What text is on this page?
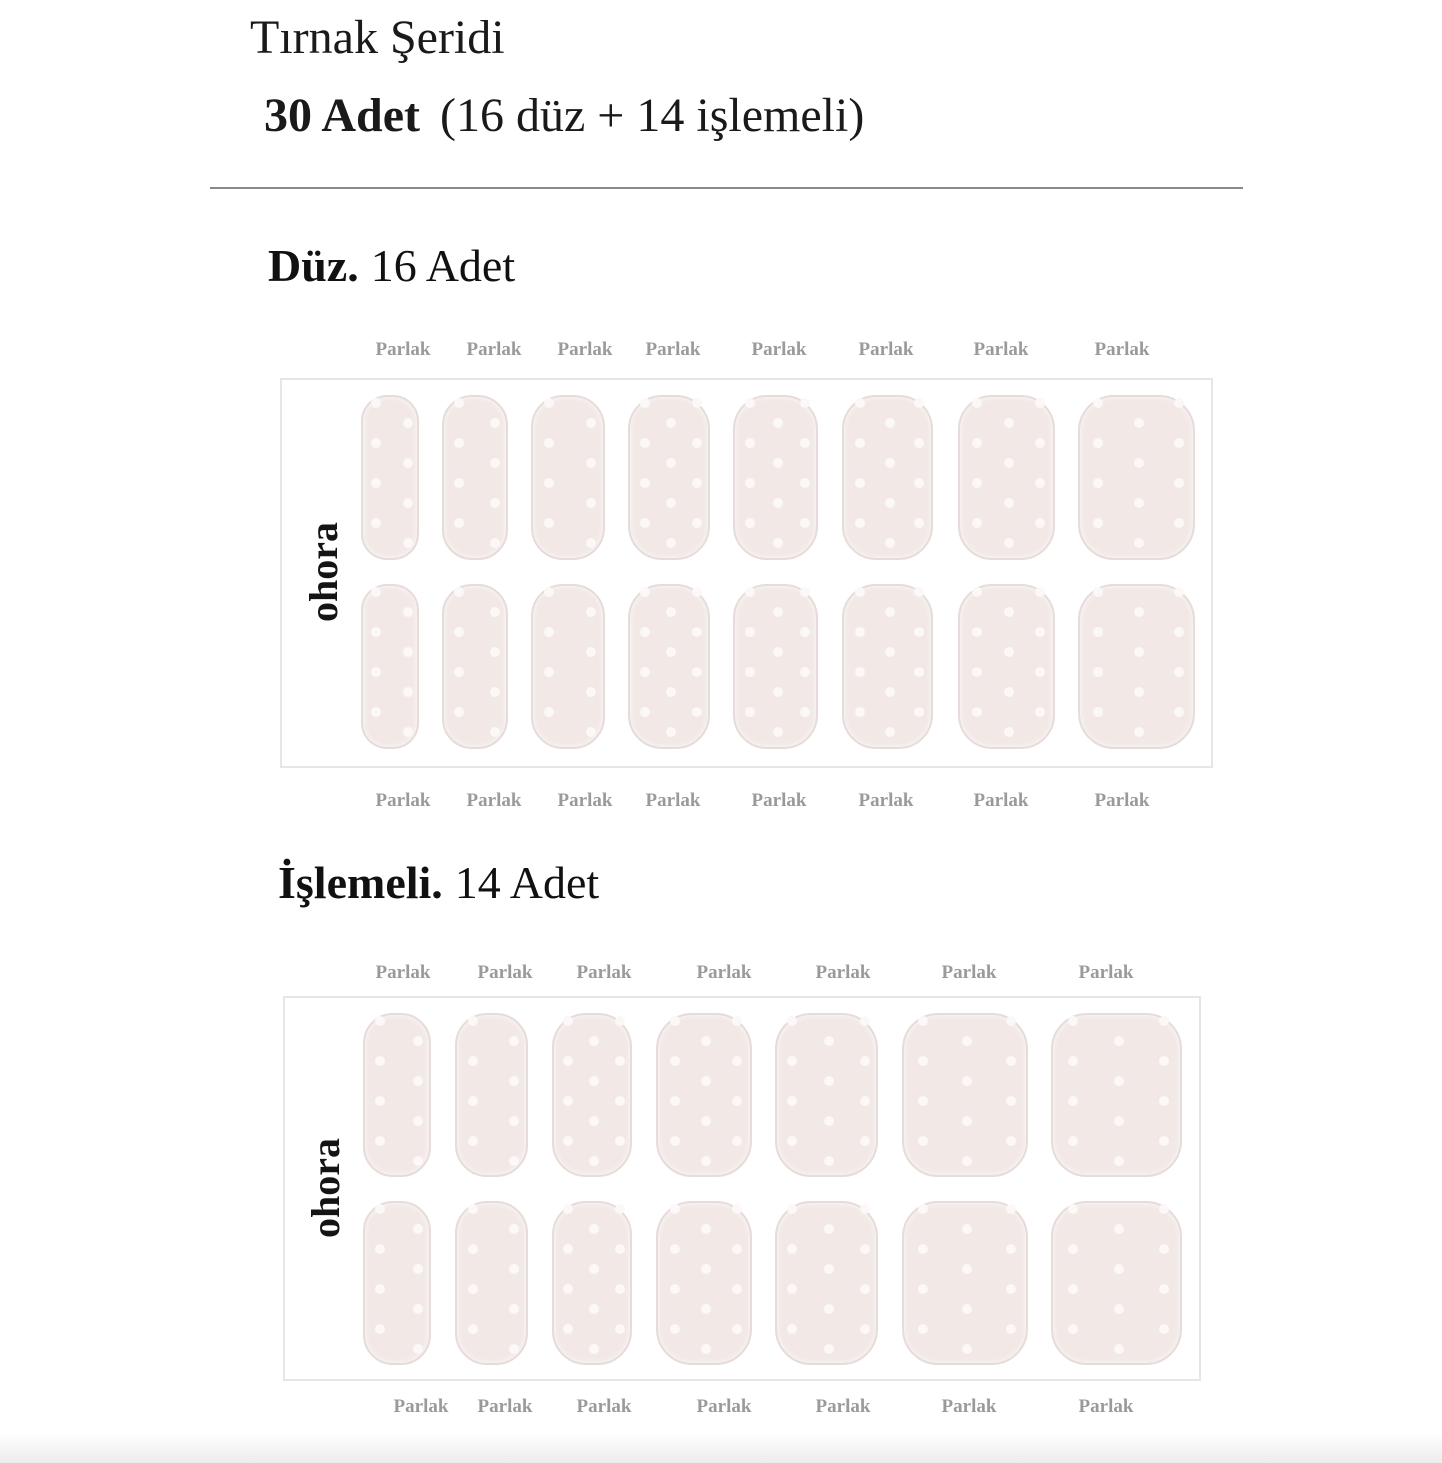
Tırnak Şeridi
30 Adet (16 düz + 14 işlemeli)
Düz. 16 Adet
İşlemeli. 14 Adet
ohora
Parlak
Parlak
Parlak
Parlak
Parlak
Parlak
Parlak
Parlak
Parlak
Parlak
Parlak
Parlak
Parlak
Parlak
Parlak
Parlak
ohora
Parlak
Parlak
Parlak
Parlak
Parlak
Parlak
Parlak
Parlak
Parlak
Parlak
Parlak
Parlak
Parlak
Parlak
